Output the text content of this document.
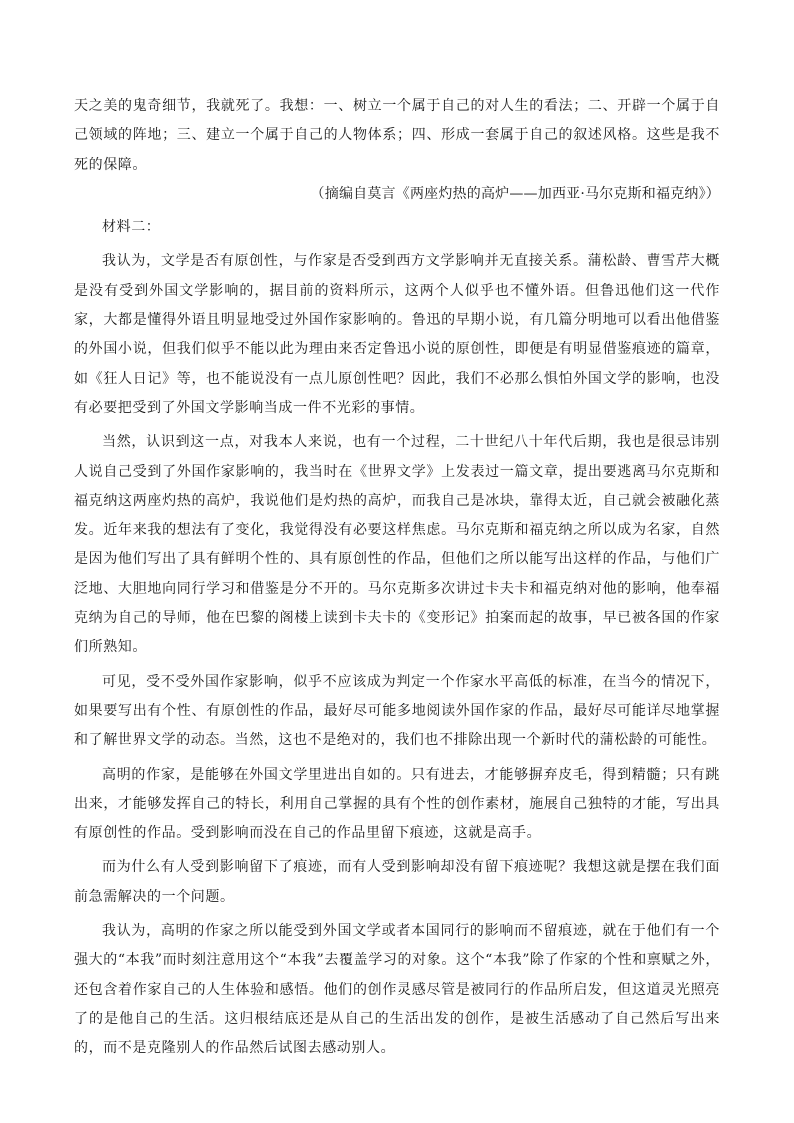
天之美的鬼奇细节，我就死了。我想：一、树立一个属于自己的对人生的看法；二、开辟一个属于自己领域的阵地；三、建立一个属于自己的人物体系；四、形成一套属于自己的叙述风格。这些是我不死的保障。

（摘编自莫言《两座灼热的高炉——加西亚·马尔克斯和福克纳》）

材料二：

我认为，文学是否有原创性，与作家是否受到西方文学影响并无直接关系。蒲松龄、曹雪芹大概是没有受到外国文学影响的，据目前的资料所示，这两个人似乎也不懂外语。但鲁迅他们这一代作家，大都是懂得外语且明显地受过外国作家影响的。鲁迅的早期小说，有几篇分明地可以看出他借鉴的外国小说，但我们似乎不能以此为理由来否定鲁迅小说的原创性，即便是有明显借鉴痕迹的篇章，如《狂人日记》等，也不能说没有一点儿原创性吧？因此，我们不必那么惧怕外国文学的影响，也没有必要把受到了外国文学影响当成一件不光彩的事情。

当然，认识到这一点，对我本人来说，也有一个过程，二十世纪八十年代后期，我也是很忌讳别人说自己受到了外国作家影响的，我当时在《世界文学》上发表过一篇文章，提出要逃离马尔克斯和福克纳这两座灼热的高炉，我说他们是灼热的高炉，而我自己是冰块，靠得太近，自己就会被融化蒸发。近年来我的想法有了变化，我觉得没有必要这样焦虑。马尔克斯和福克纳之所以成为名家，自然是因为他们写出了具有鲜明个性的、具有原创性的作品，但他们之所以能写出这样的作品，与他们广泛地、大胆地向同行学习和借鉴是分不开的。马尔克斯多次讲过卡夫卡和福克纳对他的影响，他奉福克纳为自己的导师，他在巴黎的阁楼上读到卡夫卡的《变形记》拍案而起的故事，早已被各国的作家们所熟知。

可见，受不受外国作家影响，似乎不应该成为判定一个作家水平高低的标准，在当今的情况下，如果要写出有个性、有原创性的作品，最好尽可能多地阅读外国作家的作品，最好尽可能详尽地掌握和了解世界文学的动态。当然，这也不是绝对的，我们也不排除出现一个新时代的蒲松龄的可能性。

高明的作家，是能够在外国文学里进出自如的。只有进去，才能够摒弃皮毛，得到精髓；只有跳出来，才能够发挥自己的特长，利用自己掌握的具有个性的创作素材，施展自己独特的才能，写出具有原创性的作品。受到影响而没在自己的作品里留下痕迹，这就是高手。

而为什么有人受到影响留下了痕迹，而有人受到影响却没有留下痕迹呢？我想这就是摆在我们面前急需解决的一个问题。

我认为，高明的作家之所以能受到外国文学或者本国同行的影响而不留痕迹，就在于他们有一个强大的“本我”而时刻注意用这个“本我”去覆盖学习的对象。这个“本我”除了作家的个性和禀赋之外，还包含着作家自己的人生体验和感悟。他们的创作灵感尽管是被同行的作品所启发，但这道灵光照亮了的是他自己的生活。这归根结底还是从自己的生活出发的创作，是被生活感动了自己然后写出来的，而不是克隆别人的作品然后试图去感动别人。
